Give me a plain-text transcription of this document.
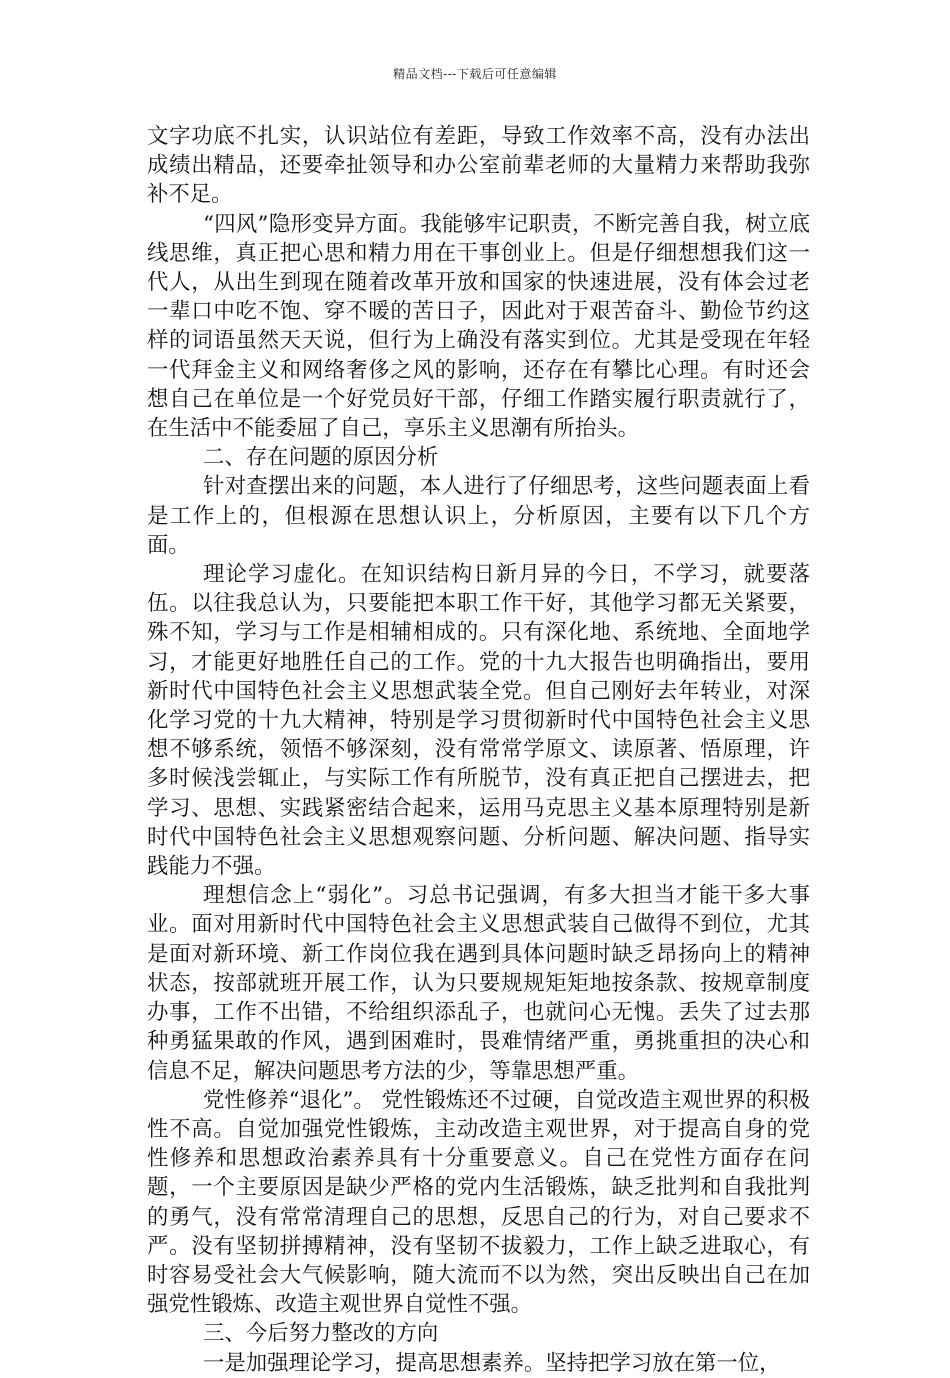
精品文档---下载后可任意编辑

文字功底不扎实，认识站位有差距，导致工作效率不高，没有办法出成绩出精品，还要牵扯领导和办公室前辈老师的大量精力来帮助我弥补不足。

“四风”隐形变异方面。我能够牢记职责，不断完善自我，树立底线思维，真正把心思和精力用在干事创业上。但是仔细想想我们这一代人，从出生到现在随着改革开放和国家的快速进展，没有体会过老一辈口中吃不饱、穿不暖的苦日子，因此对于艰苦奋斗、勤俭节约这样的词语虽然天天说，但行为上确没有落实到位。尤其是受现在年轻一代拜金主义和网络奢侈之风的影响，还存在有攀比心理。有时还会想自己在单位是一个好党员好干部，仔细工作踏实履行职责就行了，在生活中不能委屈了自己，享乐主义思潮有所抬头。

二、存在问题的原因分析

针对查摆出来的问题，本人进行了仔细思考，这些问题表面上看是工作上的，但根源在思想认识上，分析原因，主要有以下几个方面。

理论学习虚化。在知识结构日新月异的今日，不学习，就要落伍。以往我总认为，只要能把本职工作干好，其他学习都无关紧要，殊不知，学习与工作是相辅相成的。只有深化地、系统地、全面地学习，才能更好地胜任自己的工作。党的十九大报告也明确指出，要用新时代中国特色社会主义思想武装全党。但自己刚好去年转业，对深化学习党的十九大精神，特别是学习贯彻新时代中国特色社会主义思想不够系统，领悟不够深刻，没有常常学原文、读原著、悟原理，许多时候浅尝辄止，与实际工作有所脱节，没有真正把自己摆进去，把学习、思想、实践紧密结合起来，运用马克思主义基本原理特别是新时代中国特色社会主义思想观察问题、分析问题、解决问题、指导实践能力不强。

理想信念上“弱化”。习总书记强调，有多大担当才能干多大事业。面对用新时代中国特色社会主义思想武装自己做得不到位，尤其是面对新环境、新工作岗位我在遇到具体问题时缺乏昂扬向上的精神状态，按部就班开展工作，认为只要规规矩矩地按条款、按规章制度办事，工作不出错，不给组织添乱子，也就问心无愧。丢失了过去那种勇猛果敢的作风，遇到困难时，畏难情绪严重，勇挑重担的决心和信息不足，解决问题思考方法的少，等靠思想严重。

党性修养“退化”。 党性锻炼还不过硬，自觉改造主观世界的积极性不高。自觉加强党性锻炼，主动改造主观世界，对于提高自身的党性修养和思想政治素养具有十分重要意义。自己在党性方面存在问题，一个主要原因是缺少严格的党内生活锻炼，缺乏批判和自我批判的勇气，没有常常清理自己的思想，反思自己的行为，对自己要求不严。没有坚韧拼搏精神，没有坚韧不拔毅力，工作上缺乏进取心，有时容易受社会大气候影响，随大流而不以为然，突出反映出自己在加强党性锻炼、改造主观世界自觉性不强。

三、今后努力整改的方向

一是加强理论学习，提高思想素养。坚持把学习放在第一位，
